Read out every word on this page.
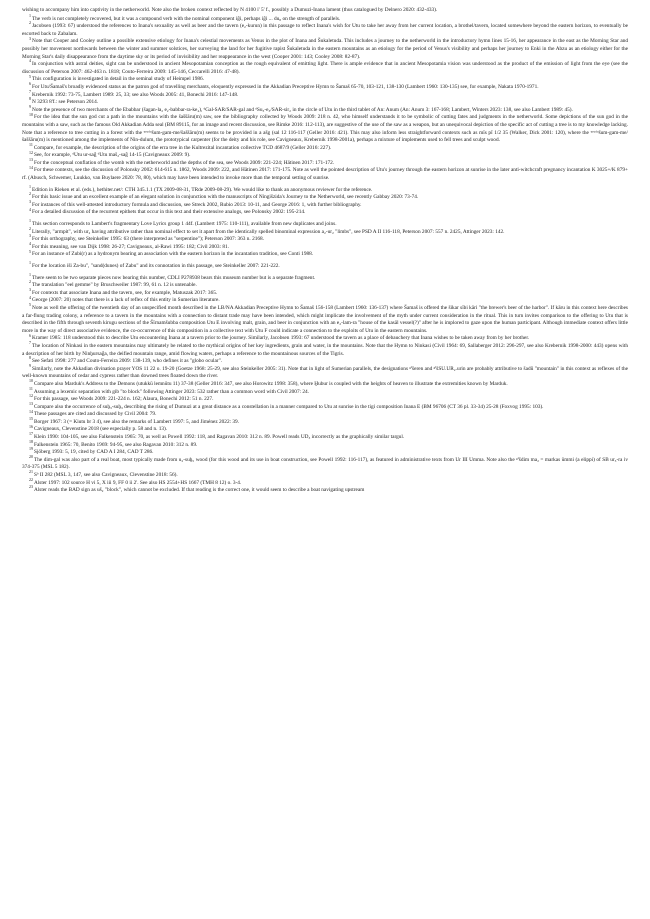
wishing to accompany him into captivity in the netherworld. Note also the broken context reflected by N 4100 i' 5' f., possibly a Dumuzi-Inana lament (thus catalogued by Delnero 2020: 432-433).

$^1$The verb is not completely recovered, but it was a compound verb with the nominal component ig̃i, perhaps ig̃i ... du₈ on the strength of parallels.

$^2$Jacobsen (1993: 67) understood the references to Inana's sexuality as well as beer and the tavern (e₂-kurun) in this passage to reflect Inana's wish for Utu to take her away from her current location, a brothel/tavern, located somewhere beyond the eastern horizon, to eventually be escorted back to Zabalam.

$^3$Note that Cooper and Cooley outline a possible extensive etiology for Inana's celestial movements as Venus in the plot of Inana and Šukaletuda. This includes a journey to the netherworld in the introductory hymn lines 15-16, her appearance in the east as the Morning Star and possibly her movement northwards between the winter and summer solstices, her surveying the land for her fugitive rapist Šukaletuda in the eastern mountains as an etiology for the period of Venus's visibility and perhaps her journey to Enki in the Abzu as an etiology either for the Morning Star's daily disappearance from the daytime sky or its period of invisibility and her reappearance in the west (Cooper 2001: 143; Cooley 2008: 82-87).

$^4$In conjunction with astral deities, sight can be understood in ancient Mesopotamian conception as the rough equivalent of emitting light. There is ample evidence that in ancient Mesopotamia vision was understood as the product of the emission of light from the eye (see the discussion of Peterson 2007: 462-463 n. 1818; Couto-Ferreira 2009: 145-146, Ceccarelli 2016: 47-48).

$^5$This configuration is investigated in detail in the seminal study of Heimpel 1986.

$^6$For Utu/Šamaš's broadly evidenced status as the patron god of travelling merchants, eloquently expressed in the Akkadian Preceptive Hymn to Šamaš 65-70, 103-121, 138-130 (Lambert 1960: 130-135) see, for example, Nakata 1970-1971.

$^7$Krebernik 1992: 73-75, Lambert 1989: 25, 33; see also Woods 2005: 41, Bonechi 2016: 147-148.

$^8$N 3293 8'f.: see Peterson 2014.

$^9$Note the presence of two merchants of the Ebabbar (šagan-la₂ e₂-babbar-ra-ke₄), ᵈGal-SAR/SAR-gal and ᵈSu₃-e₃/SAR-sir₂ in the circle of Utu in the third tablet of An: Anum (An: Anum 3: 167-168; Lambert, Winters 2023: 138, see also Lambert 1989: 45).

$^{10}$For the idea that the sun god cut a path in the mountains with the šaššāru(m) saw, see the bibliography collected by Woods 2009: 218 n. 42, who himself understands it to be symbolic of cutting fates and judgments in the netherworld. Some depictions of the sun god in the mountains with a saw, such as the famous Old Akkadian Adda seal (BM 89115, for an image and recent discussion, see Rimke 2016: 112-113), are suggestive of the use of the saw as a weapon, but an unequivocal depiction of the specific act of cutting a tree is to my knowledge lacking. Note that a reference to tree cutting in a forest with the ᵘʳᵘᵈᵘšum-gam-me/šaššāru(m) seems to be provided in a ašg (sal 12 116-117 (Geller 2016: 421). This may also inform less straightforward contexts such as mīs pî 1/2 35 (Walker, Dick 2001: 120), where the ᵘʳᵘᵈᵘšum-gam-me/šaššāru(m) is mentioned among the implements of Nin-dulum, the prototypical carpenter (for the deity and his role, see Cavigneaux, Krebernik 1998-2001a), perhaps a mixture of implements used to fell trees and sculpt wood.

$^{11}$Compare, for example, the description of the origins of the erra tree in the Kultrezital incantation collective TCD 4687/9 (Geller 2016: 227).

$^{12}$See, for example, ᵈUtu ur-sag̃ ᵈUtu maš₂-sag̃ 14-15 (Cavigneaux 2009: 9).

$^{13}$For the conceptual conflation of the womb with the netherworld and the depths of the sea, see Woods 2009: 221-224; Hätinen 2017: 171-172.

$^{14}$For these contexts, see the discussion of Polonsky 2002: 614-615 n. 1862, Woods 2009: 222, and Hätinen 2017: 171-175. Note as well the pointed description of Utu's journey through the eastern horizon at sunrise in the later anti-witchcraft pregnancy incantation K 3025+/K 879+ rf. (Abusch, Schwemer, Luukko, van Buylaere 2020: 78, 80), which may have been intended to invoke more than the temporal setting of sunrise.

$^1$Edition in Rieken et al. (eds.), hethiter.net/: CTH 345.1.1 (TX 2009-08-31, TRde 2009-08-29). We would like to thank an anonymous reviewer for the reference.

$^2$For this basic issue and an excellent example of an elegant solution in conjunction with the manuscripts of Ningišzida's Journey to the Netherworld, see recently Gabbay 2020: 73-74.

$^3$For instances of this well-attested introductory formula and discussion, see Streck 2002, Rubio 2013: 10-11, and George 2016: 1, with further bibliography.

$^4$For a detailed discussion of the recurrent epithets that occur in this text and their extensive analogs, see Polonsky 2002: 195-214.

$^1$This section corresponds to Lambert's fragmentary Love Lyrics group 1 44f. (Lambert 1975: 110-111), available from new duplicates and joins.

$^2$Literally, "armpit", with ur₂ having attributive rather than nominal effect to set it apart from the identically spelled binominal expression a₂-ur₂ "limbs", see PSD A II 116-118, Peterson 2007: 557 n. 2425, Attinger 2023: 142.

$^3$For this orthography, see Steinkeller 1995: 63 (there interpreted as "serpentine"); Peterson 2007: 363 n. 2168.

$^4$For this meaning, see van Dijk 1998: 26-27; Cavigneaux, al-Rawi 1995: 182; Civil 2003: 81.

$^5$For an instance of Zubi(r) as a hydronym bearing an association with the eastern horizon in the incantation tradition, see Conti 1988.

$^1$For the location iši Za-bu", "sand(dunes) of Zabu" and its connotation in this passage, see Steinkeller 2007: 221-222.

$^1$There seem to be two separate pieces now bearing this number, CDLI P278938 bears this museum number but is a separate fragment.

$^2$The translation "eel gemme" by Bruschweiler 1987: 99, 61 n. 12 is untenable.

$^3$For contexts that associate Inana and the tavern, see, for example, Matuszak 2017: 365.

$^4$George (2007: 20) notes that there is a lack of reflex of this entity in Sumerian literature.

$^5$Note as well the offering of the twentieth day of an unspecified month described in the LB/NA Akkadian Preceptive Hymn to Šamaš 156-158 (Lambert 1960: 136-137) where Šamaš is offered the šikar sībi kāri "the brewer's beer of the harbor". If kāru in this context here describes a far-flung trading colony, a reference to a tavern in the mountains with a connection to distant trade may have been intended, which might implicate the involvement of the myth under current consideration in the ritual. This in turn invites comparison to the offering to Utu that is described in the fifth through seventh kirugu sections of the Šīrnamšubba composition Utu E involving malt, grain, and beer in conjunction with an e₂-lam-ra "house of the kasāl vessel(?)" after he is implored to gaze upon the human participant. Although immediate context offers little more in the way of direct associative evidence, the co-occurrence of this composition in a collective text with Utu F could indicate a connection to the exploits of Utu in the eastern mountains.

$^6$Kramer 1985: 118 understood this to describe Utu encountering Inana at a tavern prior to the journey. Similarly, Jacobsen 1993: 67 understood the tavern as a place of debauchery that Inana wishes to be taken away from by her brother.

$^7$The location of Ninkasi in the eastern mountains may ultimately be related to the mythical origins of her key ingredients, grain and water, in the mountains. Note that the Hymn to Ninkasi (Civil 1964: 69, Sallaberger 2012: 296-297, see also Krebernik 1998-2000: 443) opens with a description of her birth by Ninḫursag̃a, the deified mountain range, amid flowing waters, perhaps a reference to the mountainous sources of the Tigris.

$^8$See Sefati 1998: 277 and Couto-Ferreira 2009: 138-139, who defines it as "globo ocular".

$^9$Similarly, note the Akkadian divination prayer YOS 11 22 o. 19-20 (Goetze 1968: 25-29, see also Steinkeller 2005: 31). Note that in light of Sumerian parallels, the designations ᵍⁱšeren and ᵍⁱšSU.UR₂.urin are probably attributive to šadû "mountain" in this context as reflexes of the well-known mountains of cedar and cypress rather than downed trees floated down the river.

$^{10}$Compare also Marduk's Address to the Demons (utukkū lemnūtu 11) 37-38 (Geller 2016: 347, see also Horowitz 1998: 358), where Ḫubur is coupled with the heights of heaven to illustrate the extremities known by Marduk.

$^{11}$Assuming a lexemic separation with gib "to block" following Attinger 2023: 532 rather than a common word with Civil 2007: 24.

$^{12}$For this passage, see Woods 2009: 221-224 n. 162; Alaura, Bonechi 2012: 51 n. 227.

$^{13}$Compare also the occurrence of suḫ₃-suḫ₃ describing the rising of Dumuzi at a great distance as a constellation in a manner compared to Utu at sunrise in the tigi composition Inana E (BM 96706 (CT 36 pl. 33-34) 25-28 (Foxvog 1995: 103).

$^{14}$These passages are cited and discussed by Civil 2004: 79.

$^{15}$Borger 1967: 3 (= Kiutu br 3 4), see also the remarks of Lambert 1997: 5, and Jiménez 2022: 39.

$^{16}$Cavigneaux, Clevenstine 2018 (see especially p. 58 and n. 13).

$^{17}$Klein 1990: 104-105, see also Falkenstein 1965: 70, as well as Powell 1992: 118, and Ragavan 2010: 312 n. 89. Powell reads UD₃ incorrectly as the graphically similar targul.

$^{18}$Falkenstein 1965: 70, Benito 1969: 94-95, see also Ragavan 2010: 312 n. 89.

$^{19}$Sjöberg 1993: 5, 19, cited by CAD A I 284, CAD T 286.

$^{20}$The dim-gal was also part of a real boat, most typically made from u₂-suḫ₅ wood (for this wood and its use in boat construction, see Powell 1992: 116-117), as featured in administrative texts from Ur III Umma. Note also the ᵍⁱšdim ma₂ = markas ūmmi (a elippi) of SB ur₅-ra iv 374-375 (MSL 5 182).

$^{21}$Sᵇ II 282 (MSL 3, 147, see also Cavigneaux, Clevenstine 2018: 56).

$^{22}$Alster 1997: 102 source H vi 5, X iii 9, FF 0 ii 2'. See also HS 2554+HS 1667 (TMH 8 12) o. 3-4.

$^{23}$Alster reads the BAD sign as uš₂ "block", which cannot be excluded. If that reading is the correct one, it would seem to describe a boat navigating upstream
